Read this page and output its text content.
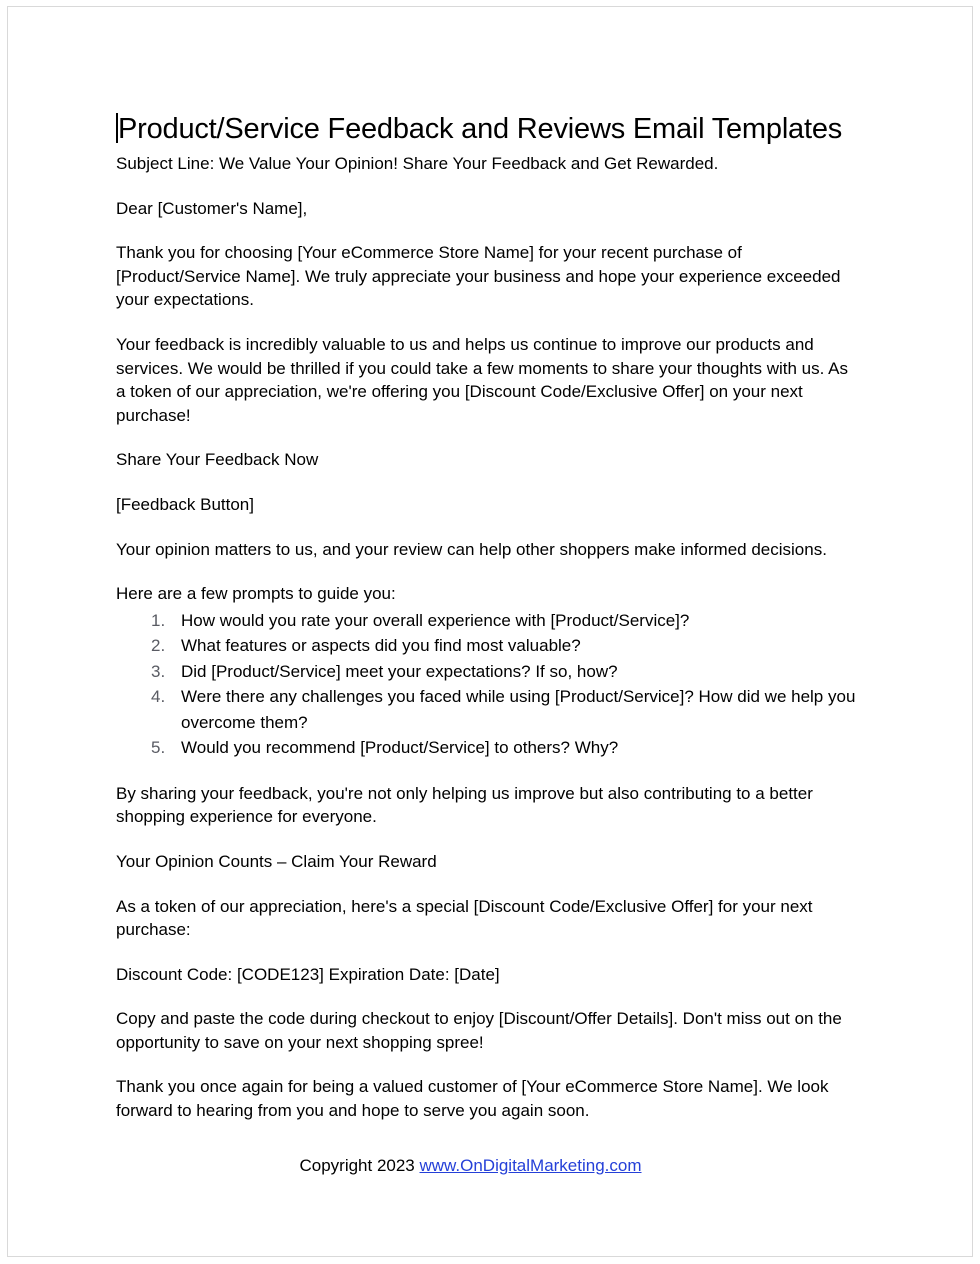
Product/Service Feedback and Reviews Email Templates

Subject Line: We Value Your Opinion! Share Your Feedback and Get Rewarded.

Dear [Customer's Name],

Thank you for choosing [Your eCommerce Store Name] for your recent purchase of [Product/Service Name]. We truly appreciate your business and hope your experience exceeded your expectations.

Your feedback is incredibly valuable to us and helps us continue to improve our products and services. We would be thrilled if you could take a few moments to share your thoughts with us. As a token of our appreciation, we're offering you [Discount Code/Exclusive Offer] on your next purchase!

Share Your Feedback Now

[Feedback Button]

Your opinion matters to us, and your review can help other shoppers make informed decisions.

Here are a few prompts to guide you:

How would you rate your overall experience with [Product/Service]?
What features or aspects did you find most valuable?
Did [Product/Service] meet your expectations? If so, how?
Were there any challenges you faced while using [Product/Service]? How did we help you overcome them?
Would you recommend [Product/Service] to others? Why?

By sharing your feedback, you're not only helping us improve but also contributing to a better shopping experience for everyone.

Your Opinion Counts – Claim Your Reward

As a token of our appreciation, here's a special [Discount Code/Exclusive Offer] for your next purchase:

Discount Code: [CODE123] Expiration Date: [Date]

Copy and paste the code during checkout to enjoy [Discount/Offer Details]. Don't miss out on the opportunity to save on your next shopping spree!

Thank you once again for being a valued customer of [Your eCommerce Store Name]. We look forward to hearing from you and hope to serve you again soon.

Copyright 2023 www.OnDigitalMarketing.com
